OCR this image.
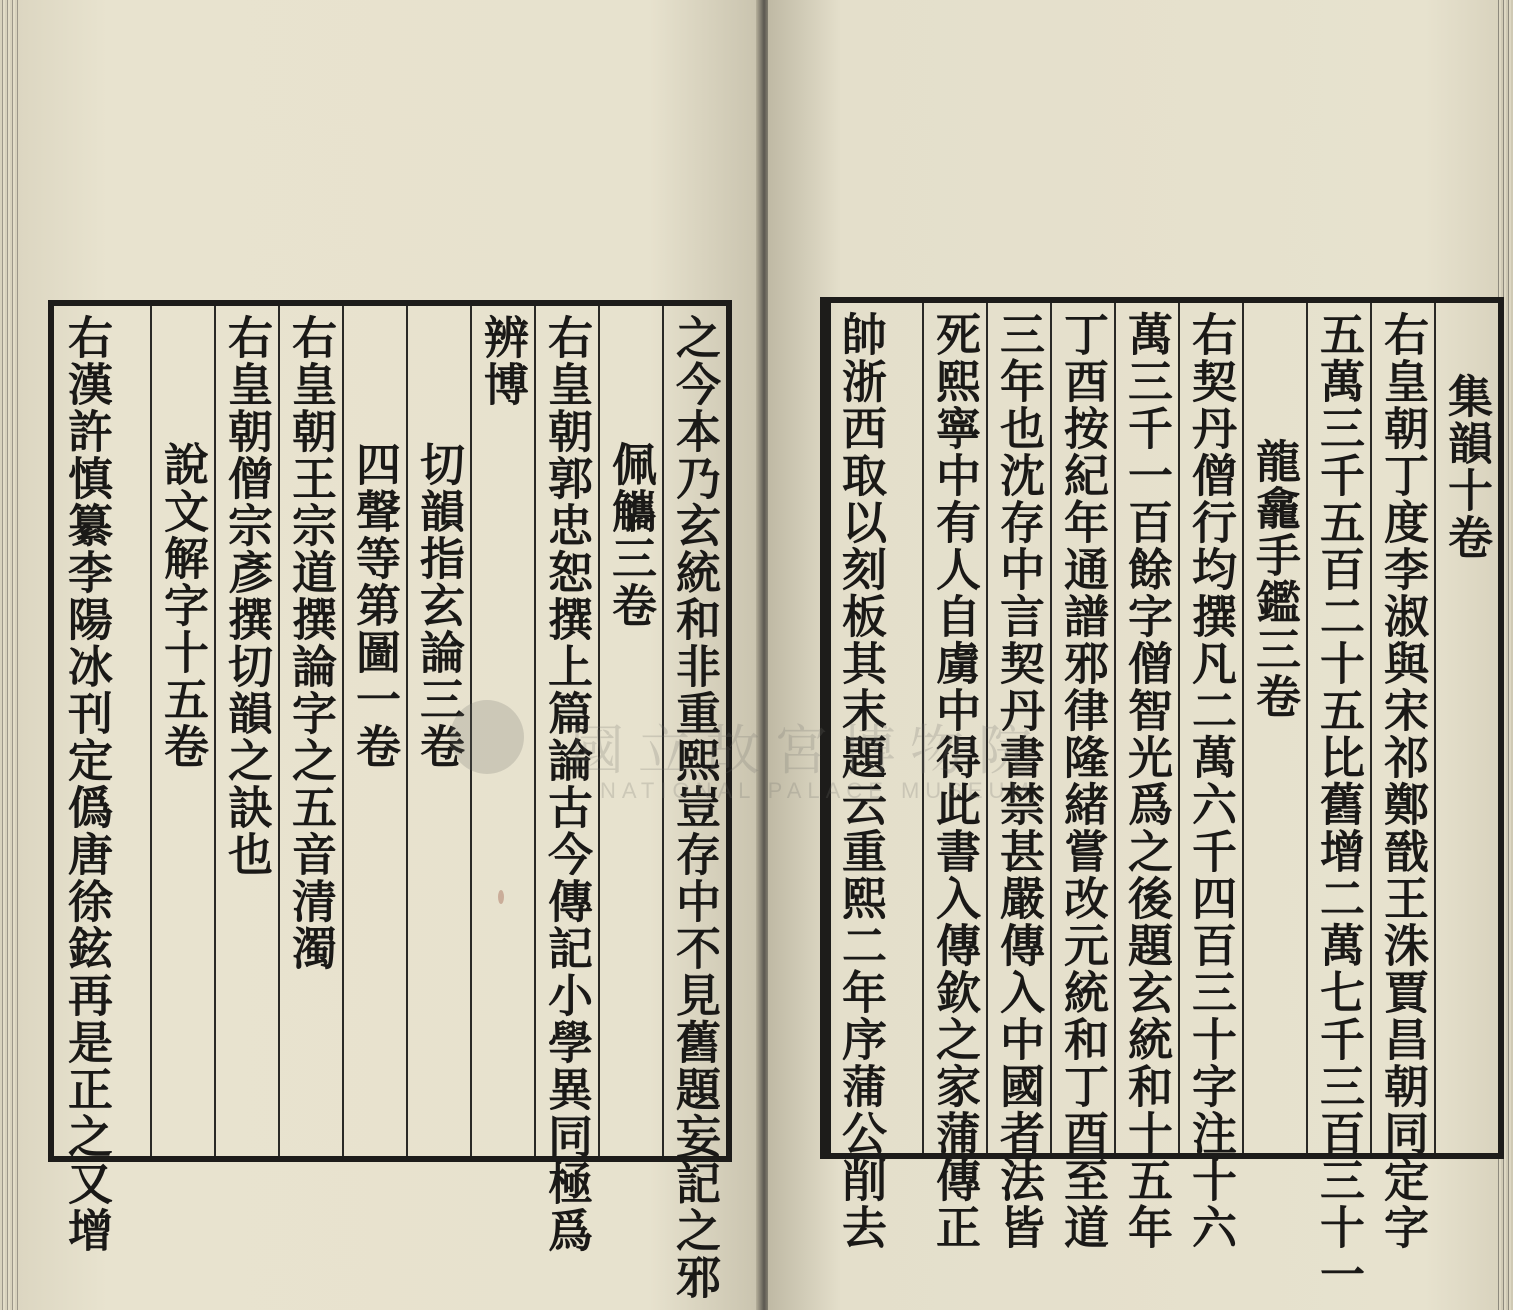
之今本乃玄統和非重熙豈存中不見舊題妄記之邪
佩觿三卷
右皇朝郭忠恕撰上篇論古今傳記小學異同極爲
辨博
切韻指玄論三卷
四聲等第圖一卷
右皇朝王宗道撰論字之五音清濁
右皇朝僧宗彥撰切韻之訣也
說文解字十五卷
右漢許慎纂李陽冰刊定僞唐徐鉉再是正之又增	集韻十卷
右皇朝丁度李淑與宋祁鄭戩王洙賈昌朝同定字
五萬三千五百二十五比舊增二萬七千三百三十一
龍龕手鑑三卷
右契丹僧行均撰凡二萬六千四百三十字注十六
萬三千一百餘字僧智光爲之後題玄統和十五年
丁酉按紀年通譜邪律隆緒嘗改元統和丁酉至道
三年也沈存中言契丹書禁甚嚴傳入中國者法皆
死熙寧中有人自虜中得此書入傳欽之家蒲傳正
帥浙西取以刻板其末題云重熙二年序蒲公削去
國立故宮博物院
NATIONAL PALACE MUSEUM
